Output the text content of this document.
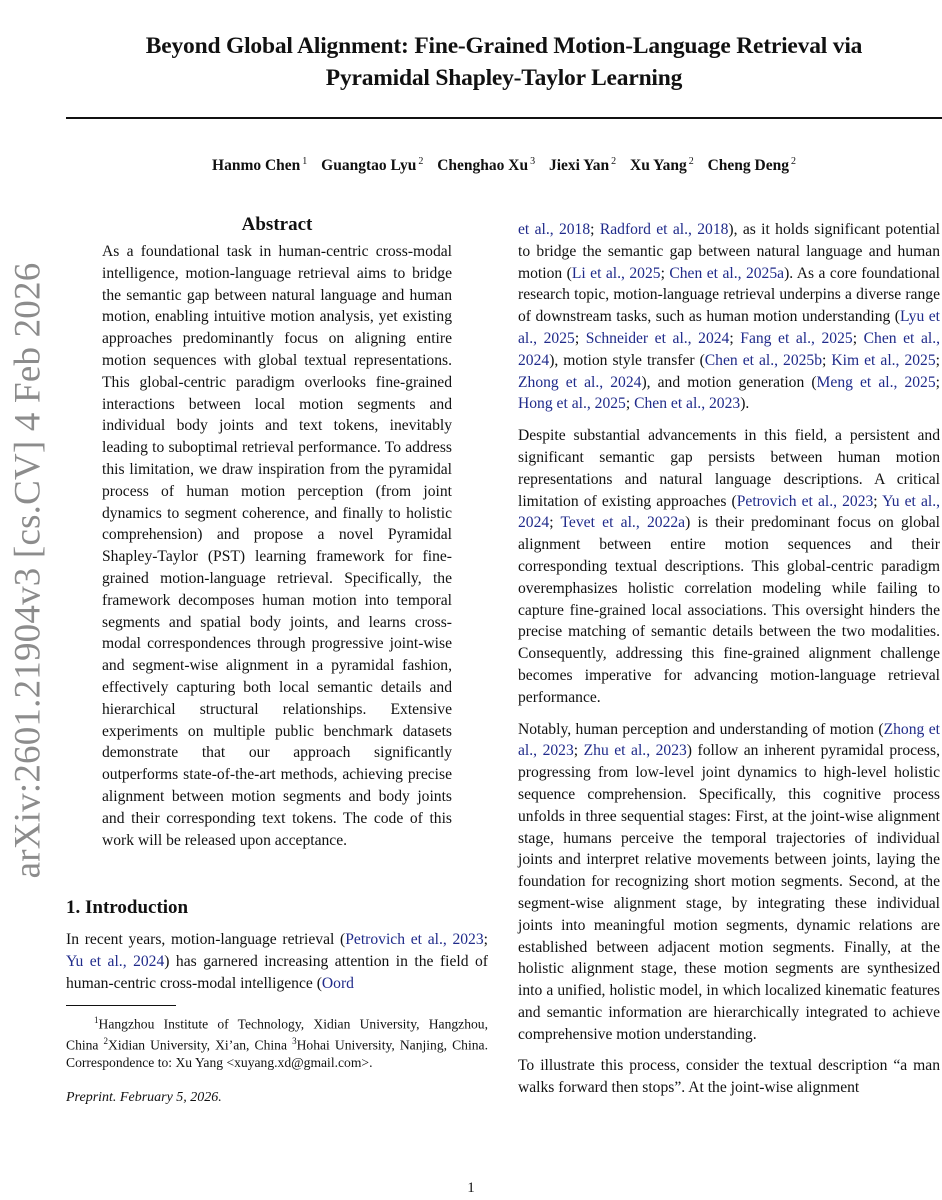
arXiv:2601.21904v3 [cs.CV] 4 Feb 2026
Beyond Global Alignment: Fine-Grained Motion-Language Retrieval via
Pyramidal Shapley-Taylor Learning
Hanmo Chen $^1$ Guangtao Lyu $^2$ Chenghao Xu $^3$ Jiexi Yan $^2$ Xu Yang $^2$ Cheng Deng $^2$
Abstract

As a foundational task in human-centric cross-modal intelligence, motion-language retrieval aims to bridge the semantic gap between natural language and human motion, enabling intuitive motion analysis, yet existing approaches predominantly focus on aligning entire motion sequences with global textual representations. This global-centric paradigm overlooks fine-grained interactions between local motion segments and individual body joints and text tokens, inevitably leading to suboptimal retrieval performance. To address this limitation, we draw inspiration from the pyramidal process of human motion perception (from joint dynamics to segment coherence, and finally to holistic comprehension) and propose a novel Pyramidal Shapley-Taylor (PST) learning framework for fine-grained motion-language retrieval. Specifically, the framework decomposes human motion into temporal segments and spatial body joints, and learns cross-modal correspondences through progressive joint-wise and segment-wise alignment in a pyramidal fashion, effectively capturing both local semantic details and hierarchical structural relationships. Extensive experiments on multiple public benchmark datasets demonstrate that our approach significantly outperforms state-of-the-art methods, achieving precise alignment between motion segments and body joints and their corresponding text tokens. The code of this work will be released upon acceptance.

1. Introduction

In recent years, motion-language retrieval (Petrovich et al., 2023; Yu et al., 2024) has garnered increasing attention in the field of human-centric cross-modal intelligence (Oord

$^1$Hangzhou Institute of Technology, Xidian University, Hangzhou, China $^2$Xidian University, Xi’an, China $^3$Hohai University, Nanjing, China. Correspondence to: Xu Yang <xuyang.xd@gmail.com>.
Preprint. February 5, 2026.

et al., 2018; Radford et al., 2018), as it holds significant potential to bridge the semantic gap between natural language and human motion (Li et al., 2025; Chen et al., 2025a). As a core foundational research topic, motion-language retrieval underpins a diverse range of downstream tasks, such as human motion understanding (Lyu et al., 2025; Schneider et al., 2024; Fang et al., 2025; Chen et al., 2024), motion style transfer (Chen et al., 2025b; Kim et al., 2025; Zhong et al., 2024), and motion generation (Meng et al., 2025; Hong et al., 2025; Chen et al., 2023).

Despite substantial advancements in this field, a persistent and significant semantic gap persists between human motion representations and natural language descriptions. A critical limitation of existing approaches (Petrovich et al., 2023; Yu et al., 2024; Tevet et al., 2022a) is their predominant focus on global alignment between entire motion sequences and their corresponding textual descriptions. This global-centric paradigm overemphasizes holistic correlation modeling while failing to capture fine-grained local associations. This oversight hinders the precise matching of semantic details between the two modalities. Consequently, addressing this fine-grained alignment challenge becomes imperative for advancing motion-language retrieval performance.

Notably, human perception and understanding of motion (Zhong et al., 2023; Zhu et al., 2023) follow an inherent pyramidal process, progressing from low-level joint dynamics to high-level holistic sequence comprehension. Specifically, this cognitive process unfolds in three sequential stages: First, at the joint-wise alignment stage, humans perceive the temporal trajectories of individual joints and interpret relative movements between joints, laying the foundation for recognizing short motion segments. Second, at the segment-wise alignment stage, by integrating these individual joints into meaningful motion segments, dynamic relations are established between adjacent motion segments. Finally, at the holistic alignment stage, these motion segments are synthesized into a unified, holistic model, in which localized kinematic features and semantic information are hierarchically integrated to achieve comprehensive motion understanding.

To illustrate this process, consider the textual description “a man walks forward then stops”. At the joint-wise alignment

1
